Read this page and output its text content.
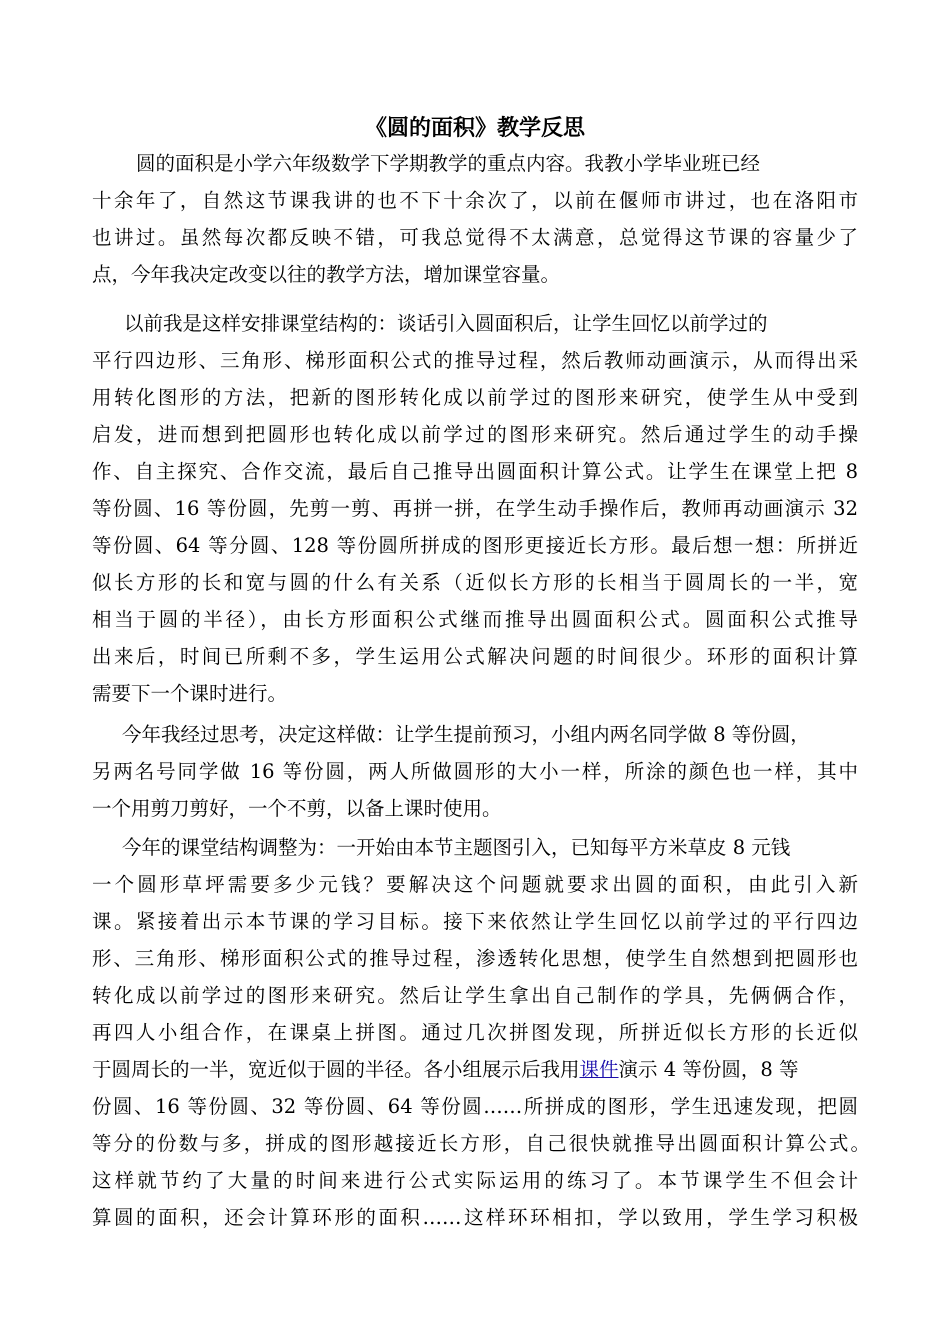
《圆的面积》教学反思
圆的面积是小学六年级数学下学期教学的重点内容。我教小学毕业班已经
十余年了，自然这节课我讲的也不下十余次了，以前在偃师市讲过，也在洛阳市
也讲过。虽然每次都反映不错，可我总觉得不太满意，总觉得这节课的容量少了
点，今年我决定改变以往的教学方法，增加课堂容量。
以前我是这样安排课堂结构的：谈话引入圆面积后，让学生回忆以前学过的
平行四边形、三角形、梯形面积公式的推导过程，然后教师动画演示，从而得出采
用转化图形的方法，把新的图形转化成以前学过的图形来研究，使学生从中受到
启发，进而想到把圆形也转化成以前学过的图形来研究。然后通过学生的动手操
作、自主探究、合作交流，最后自己推导出圆面积计算公式。让学生在课堂上把 8
等份圆、16 等份圆，先剪一剪、再拼一拼，在学生动手操作后，教师再动画演示 32
等份圆、64 等分圆、128 等份圆所拼成的图形更接近长方形。最后想一想：所拼近
似长方形的长和宽与圆的什么有关系（近似长方形的长相当于圆周长的一半，宽
相当于圆的半径），由长方形面积公式继而推导出圆面积公式。圆面积公式推导
出来后，时间已所剩不多，学生运用公式解决问题的时间很少。环形的面积计算
需要下一个课时进行。
今年我经过思考，决定这样做：让学生提前预习，小组内两名同学做 8 等份圆，
另两名号同学做 16 等份圆，两人所做圆形的大小一样，所涂的颜色也一样，其中
一个用剪刀剪好，一个不剪，以备上课时使用。
今年的课堂结构调整为：一开始由本节主题图引入，已知每平方米草皮 8 元钱
一个圆形草坪需要多少元钱？要解决这个问题就要求出圆的面积，由此引入新
课。紧接着出示本节课的学习目标。接下来依然让学生回忆以前学过的平行四边
形、三角形、梯形面积公式的推导过程，渗透转化思想，使学生自然想到把圆形也
转化成以前学过的图形来研究。然后让学生拿出自己制作的学具，先俩俩合作，
再四人小组合作，在课桌上拼图。通过几次拼图发现，所拼近似长方形的长近似
于圆周长的一半，宽近似于圆的半径。各小组展示后我用课件演示 4 等份圆，8 等
份圆、16 等份圆、32 等份圆、64 等份圆……所拼成的图形，学生迅速发现，把圆
等分的份数与多，拼成的图形越接近长方形，自己很快就推导出圆面积计算公式。
这样就节约了大量的时间来进行公式实际运用的练习了。本节课学生不但会计
算圆的面积，还会计算环形的面积……这样环环相扣，学以致用，学生学习积极
